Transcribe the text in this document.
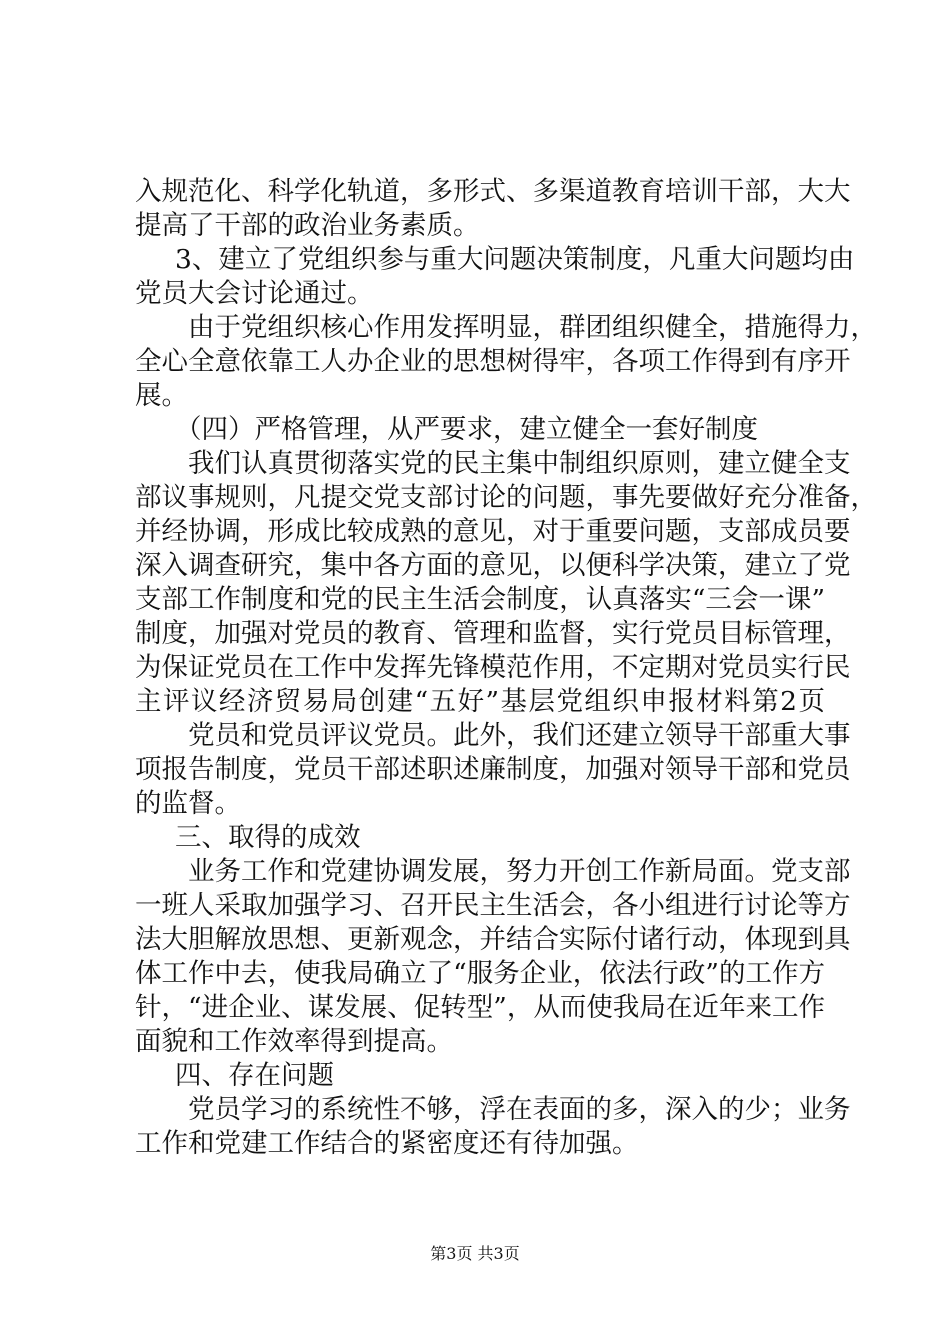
入规范化、科学化轨道，多形式、多渠道教育培训干部，大大
提高了干部的政治业务素质。
3、建立了党组织参与重大问题决策制度，凡重大问题均由
党员大会讨论通过。
由于党组织核心作用发挥明显，群团组织健全，措施得力，
全心全意依靠工人办企业的思想树得牢，各项工作得到有序开
展。
（四）严格管理，从严要求，建立健全一套好制度
我们认真贯彻落实党的民主集中制组织原则，建立健全支
部议事规则，凡提交党支部讨论的问题，事先要做好充分准备，
并经协调，形成比较成熟的意见，对于重要问题，支部成员要
深入调查研究，集中各方面的意见，以便科学决策，建立了党
支部工作制度和党的民主生活会制度，认真落实“三会一课”
制度，加强对党员的教育、管理和监督，实行党员目标管理，
为保证党员在工作中发挥先锋模范作用，不定期对党员实行民
主评议经济贸易局创建“五好”基层党组织申报材料第2页
党员和党员评议党员。此外，我们还建立领导干部重大事
项报告制度，党员干部述职述廉制度，加强对领导干部和党员
的监督。
三、取得的成效
业务工作和党建协调发展，努力开创工作新局面。党支部
一班人采取加强学习、召开民主生活会，各小组进行讨论等方
法大胆解放思想、更新观念，并结合实际付诸行动，体现到具
体工作中去，使我局确立了“服务企业，依法行政”的工作方
针，“进企业、谋发展、促转型”，从而使我局在近年来工作
面貌和工作效率得到提高。
四、存在问题
党员学习的系统性不够，浮在表面的多，深入的少；业务
工作和党建工作结合的紧密度还有待加强。
第3页 共3页
